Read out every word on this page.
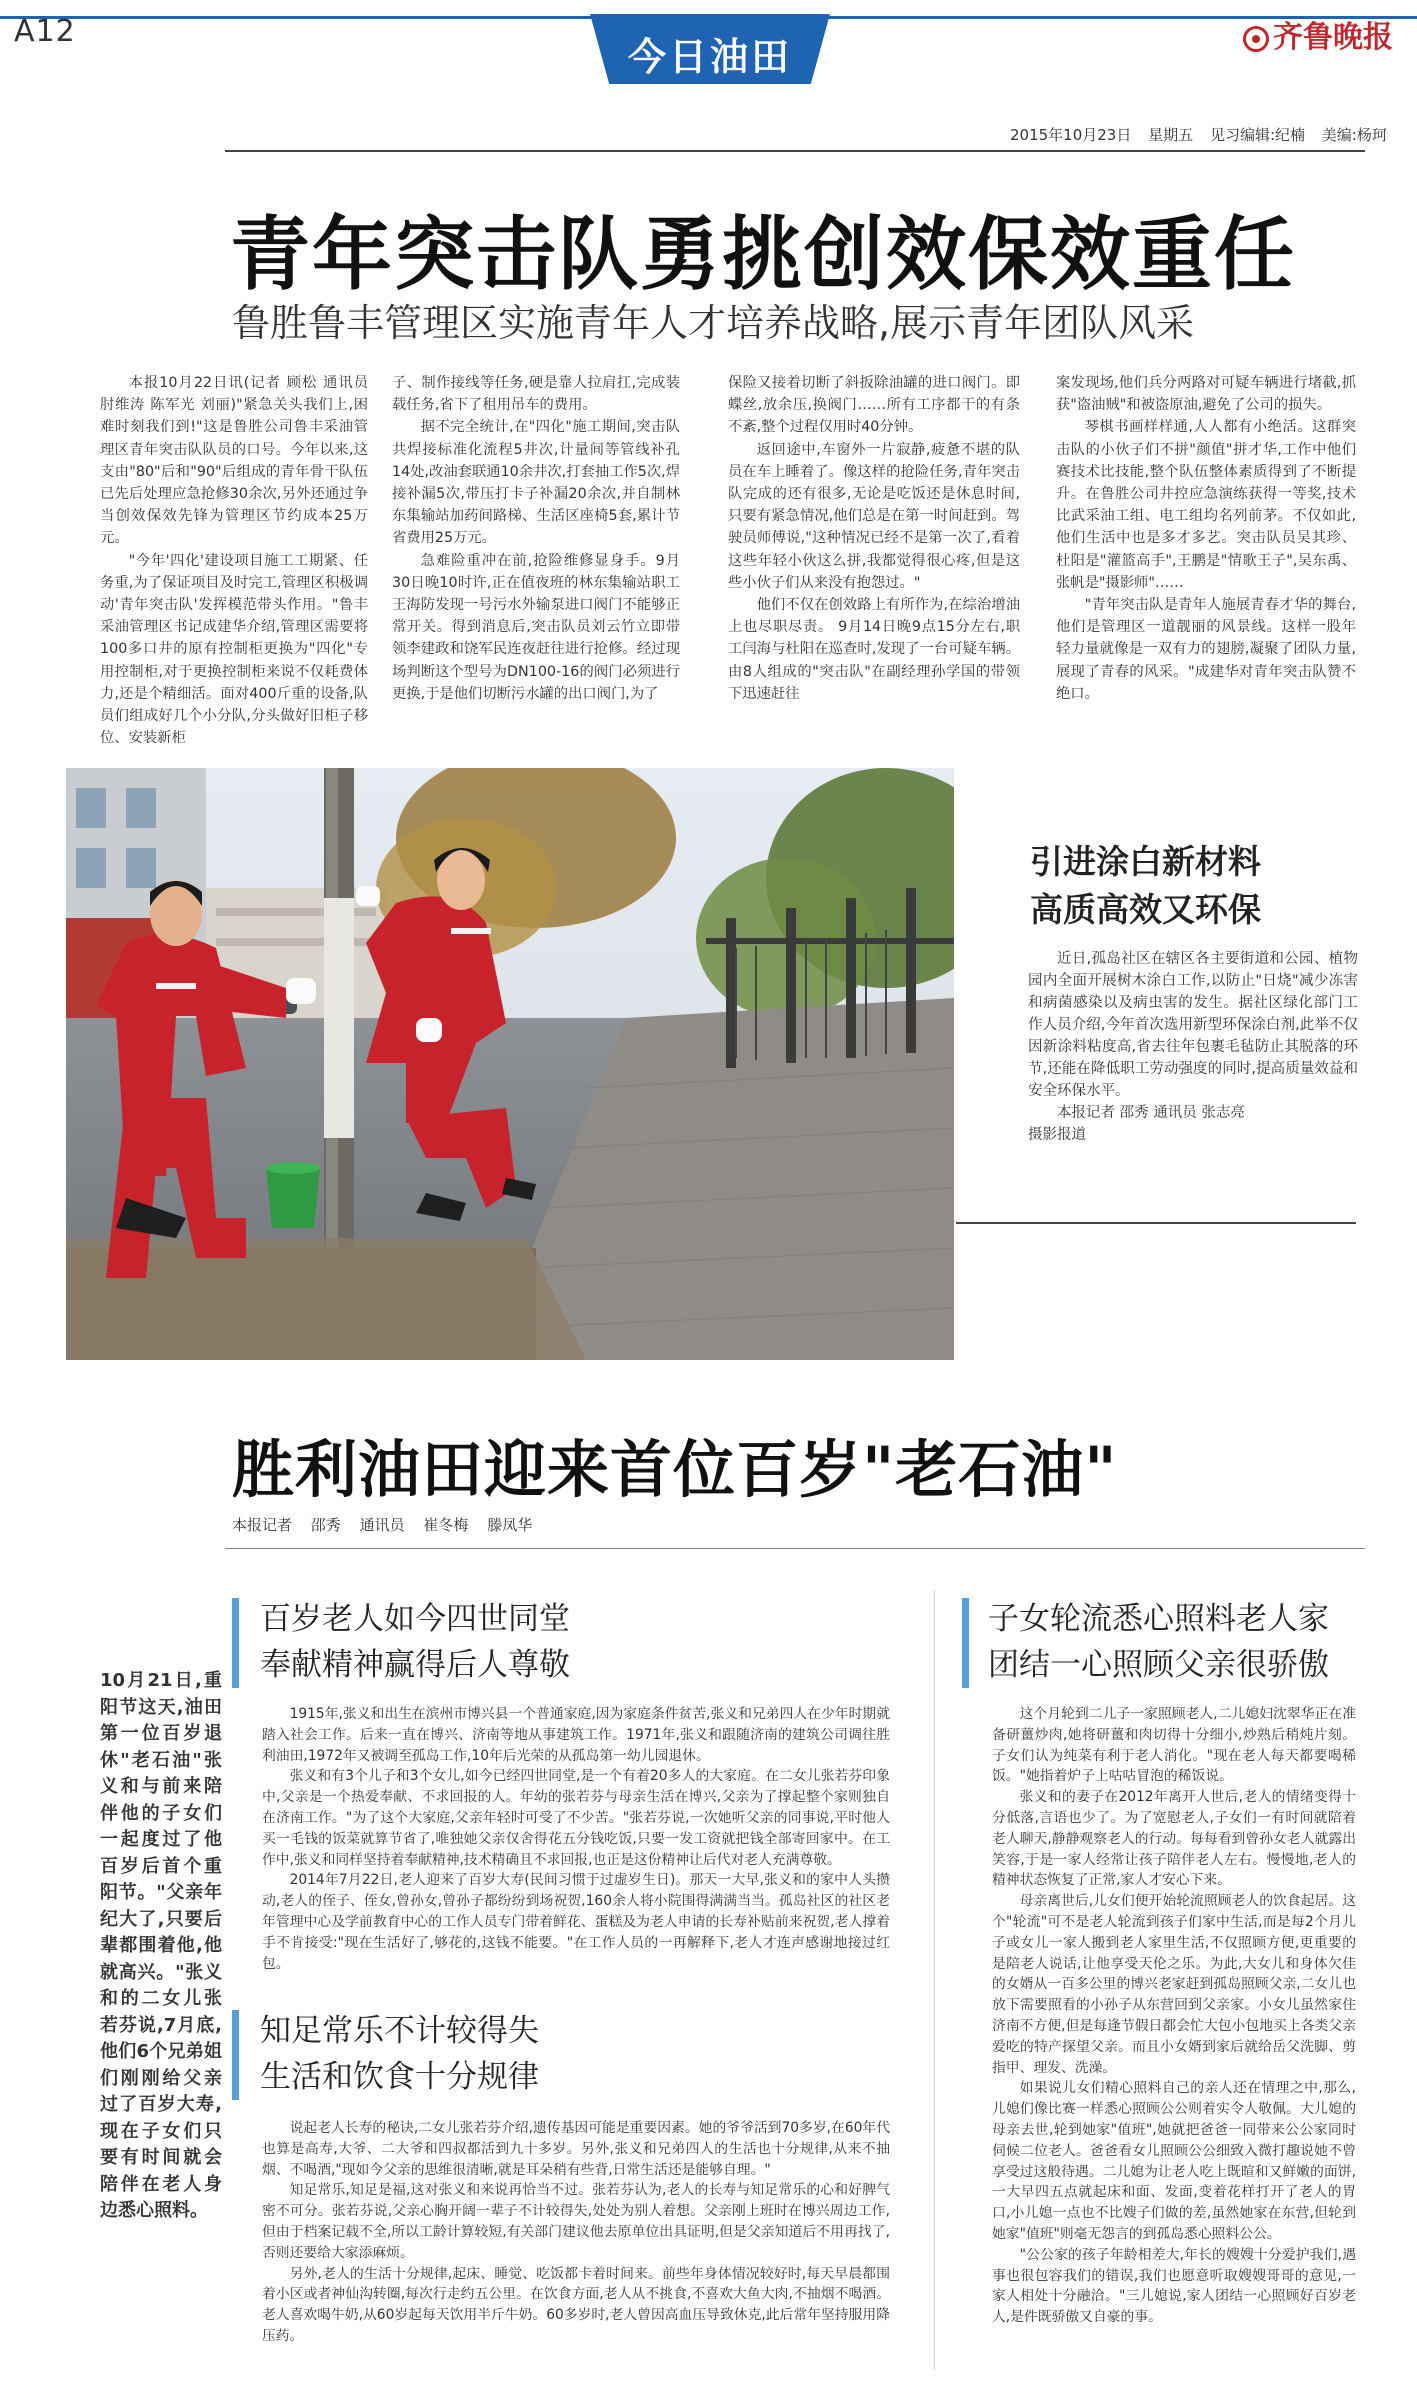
A12
今日油田	齐鲁晚报
2015年10月23日 星期五 见习编辑:纪楠 美编:杨珂
青年突击队勇挑创效保效重任
鲁胜鲁丰管理区实施青年人才培养战略,展示青年团队风采

本报10月22日讯(记者 顾松 通讯员 肘维涛 陈军光 刘丽)"紧急关头我们上,困难时刻我们到!"这是鲁胜公司鲁丰采油管理区青年突击队队员的口号。今年以来,这支由"80"后和"90"后组成的青年骨干队伍已先后处理应急抢修30余次,另外还通过争当创效保效先锋为管理区节约成本25万元。

"今年'四化'建设项目施工工期紧、任务重,为了保证项目及时完工,管理区积极调动'青年突击队'发挥模范带头作用。"鲁丰采油管理区书记成建华介绍,管理区需要将100多口井的原有控制柜更换为"四化"专用控制柜,对于更换控制柜来说不仅耗费体力,还是个精细活。面对400斤重的设备,队员们组成好几个小分队,分头做好旧柜子移位、安装新柜

子、制作接线等任务,硬是靠人拉肩扛,完成装载任务,省下了租用吊车的费用。

据不完全统计,在"四化"施工期间,突击队共焊接标准化流程5井次,计量间等管线补孔14处,改油套联通10余井次,打套抽工作5次,焊接补漏5次,带压打卡子补漏20余次,并自制林东集输站加药间路梯、生活区座椅5套,累计节省费用25万元。

急难险重冲在前,抢险维修显身手。9月30日晚10时许,正在值夜班的林东集输站职工王海防发现一号污水外输泵进口阀门不能够正常开关。得到消息后,突击队员刘云竹立即带领李建政和饶军民连夜赶往进行抢修。经过现场判断这个型号为DN100-16的阀门必须进行更换,于是他们切断污水罐的出口阀门,为了

保险又接着切断了斜扳除油罐的进口阀门。即蝶丝,放余压,换阀门……所有工序都干的有条不紊,整个过程仅用时40分钟。

返回途中,车窗外一片寂静,疲惫不堪的队员在车上睡着了。像这样的抢险任务,青年突击队完成的还有很多,无论是吃饭还是休息时间,只要有紧急情况,他们总是在第一时间赶到。驾驶员师傅说,"这种情况已经不是第一次了,看着这些年轻小伙这么拼,我都觉得很心疼,但是这些小伙子们从来没有抱怨过。"

他们不仅在创效路上有所作为,在综治增油上也尽职尽责。 9月14日晚9点15分左右,职工闫海与杜阳在巡查时,发现了一台可疑车辆。由8人组成的"突击队"在副经理孙学国的带领下迅速赶往

案发现场,他们兵分两路对可疑车辆进行堵截,抓获"盗油贼"和被盗原油,避免了公司的损失。

琴棋书画样样通,人人都有小绝活。这群突击队的小伙子们不拼"颜值"拼才华,工作中他们赛技术比技能,整个队伍整体素质得到了不断提升。在鲁胜公司井控应急演练获得一等奖,技术比武采油工组、电工组均名列前茅。不仅如此,他们生活中也是多才多艺。突击队员吴其珍、杜阳是"灌篮高手",王鹏是"情歌王子",吴东禹、张帆是"摄影师"……

"青年突击队是青年人施展青春才华的舞台,他们是管理区一道靓丽的风景线。这样一股年轻力量就像是一双有力的翅膀,凝聚了团队力量,展现了青春的风采。"成建华对青年突击队赞不绝口。

引进涂白新材料
高质高效又环保

近日,孤岛社区在辖区各主要街道和公园、植物园内全面开展树木涂白工作,以防止"日烧"减少冻害和病菌感染以及病虫害的发生。据社区绿化部门工作人员介绍,今年首次选用新型环保涂白剂,此举不仅因新涂料粘度高,省去往年包裹毛毡防止其脱落的环节,还能在降低职工劳动强度的同时,提高质量效益和安全环保水平。

本报记者 邵秀 通讯员 张志亮
摄影报道
胜利油田迎来首位百岁"老石油"
本报记者 邵秀 通讯员 崔冬梅 滕凤华
10月21日,重阳节这天,油田第一位百岁退休"老石油"张义和与前来陪伴他的子女们一起度过了他百岁后首个重阳节。"父亲年纪大了,只要后辈都围着他,他就高兴。"张义和的二女儿张若芬说,7月底,他们6个兄弟姐们刚刚给父亲过了百岁大寿,现在子女们只要有时间就会陪伴在老人身边悉心照料。
百岁老人如今四世同堂
奉献精神赢得后人尊敬

1915年,张义和出生在滨州市博兴县一个普通家庭,因为家庭条件贫苦,张义和兄弟四人在少年时期就踏入社会工作。后来一直在博兴、济南等地从事建筑工作。1971年,张义和跟随济南的建筑公司调往胜利油田,1972年又被调至孤岛工作,10年后光荣的从孤岛第一幼儿园退休。

张义和有3个儿子和3个女儿,如今已经四世同堂,是一个有着20多人的大家庭。在二女儿张若芬印象中,父亲是一个热爱奉献、不求回报的人。年幼的张若芬与母亲生活在博兴,父亲为了撑起整个家则独自在济南工作。"为了这个大家庭,父亲年轻时可受了不少苦。"张若芬说,一次她听父亲的同事说,平时他人买一毛钱的饭菜就算节省了,唯独她父亲仅舍得花五分钱吃饭,只要一发工资就把钱全部寄回家中。在工作中,张义和同样坚持着奉献精神,技术精确且不求回报,也正是这份精神让后代对老人充满尊敬。

2014年7月22日,老人迎来了百岁大寿(民间习惯于过虚岁生日)。那天一大早,张义和的家中人头攒动,老人的侄子、侄女,曾孙女,曾孙子都纷纷到场祝贺,160余人将小院围得满满当当。孤岛社区的社区老年管理中心及学前教育中心的工作人员专门带着鲜花、蛋糕及为老人申请的长寿补贴前来祝贺,老人撑着手不肯接受:"现在生活好了,够花的,这钱不能要。"在工作人员的一再解释下,老人才连声感谢地接过红包。

知足常乐不计较得失
生活和饮食十分规律

说起老人长寿的秘诀,二女儿张若芬介绍,遗传基因可能是重要因素。她的爷爷活到70多岁,在60年代也算是高寿,大爷、二大爷和四叔都活到九十多岁。另外,张义和兄弟四人的生活也十分规律,从来不抽烟、不喝酒,"现如今父亲的思维很清晰,就是耳朵稍有些背,日常生活还是能够自理。"

知足常乐,知足是福,这对张义和来说再恰当不过。张若芬认为,老人的长寿与知足常乐的心和好脾气密不可分。张若芬说,父亲心胸开阔一辈子不计较得失,处处为别人着想。父亲刚上班时在博兴周边工作,但由于档案记载不全,所以工龄计算较短,有关部门建议他去原单位出具证明,但是父亲知道后不用再找了,否则还要给大家添麻烦。

另外,老人的生活十分规律,起床、睡觉、吃饭都卡着时间来。前些年身体情况较好时,每天早晨都围着小区或者神仙沟转圈,每次行走约五公里。在饮食方面,老人从不挑食,不喜欢大鱼大肉,不抽烟不喝酒。老人喜欢喝牛奶,从60岁起每天饮用半斤牛奶。60多岁时,老人曾因高血压导致休克,此后常年坚持服用降压药。

子女轮流悉心照料老人家
团结一心照顾父亲很骄傲

这个月轮到二儿子一家照顾老人,二儿媳妇沈翠华正在准备研薑炒肉,她将研薑和肉切得十分细小,炒熟后稍炖片刻。子女们认为纯菜有利于老人消化。"现在老人每天都要喝稀饭。"她指着炉子上咕咕冒泡的稀饭说。

张义和的妻子在2012年离开人世后,老人的情绪变得十分低落,言语也少了。为了宽慰老人,子女们一有时间就陪着老人聊天,静静观察老人的行动。每每看到曾孙女老人就露出笑容,于是一家人经常让孩子陪伴老人左右。慢慢地,老人的精神状态恢复了正常,家人才安心下来。

母亲离世后,儿女们便开始轮流照顾老人的饮食起居。这个"轮流"可不是老人轮流到孩子们家中生活,而是每2个月儿子或女儿一家人搬到老人家里生活,不仅照顾方便,更重要的是陪老人说话,让他享受天伦之乐。为此,大女儿和身体欠佳的女婿从一百多公里的博兴老家赶到孤岛照顾父亲,二女儿也放下需要照看的小孙子从东营回到父亲家。小女儿虽然家住济南不方便,但是每逢节假日都会忙大包小包地买上各类父亲爱吃的特产探望父亲。而且小女婿到家后就给岳父洗脚、剪指甲、理发、洗澡。

如果说儿女们精心照料自己的亲人还在情理之中,那么,儿媳们像比赛一样悉心照顾公公则着实令人敬佩。大儿媳的母亲去世,轮到她家"值班",她就把爸爸一同带来公公家同时伺候二位老人。爸爸看女儿照顾公公细致入微打趣说她不曾享受过这般待遇。二儿媳为让老人吃上既暄和又鲜嫩的面饼,一大早四五点就起床和面、发面,变着花样打开了老人的胃口,小儿媳一点也不比嫂子们做的差,虽然她家在东营,但轮到她家"值班"则毫无怨言的到孤岛悉心照料公公。

"公公家的孩子年龄相差大,年长的嫂嫂十分爱护我们,遇事也很包容我们的错误,我们也愿意听取嫂嫂哥哥的意见,一家人相处十分融洽。"三儿媳说,家人团结一心照顾好百岁老人,是件既骄傲又自豪的事。
